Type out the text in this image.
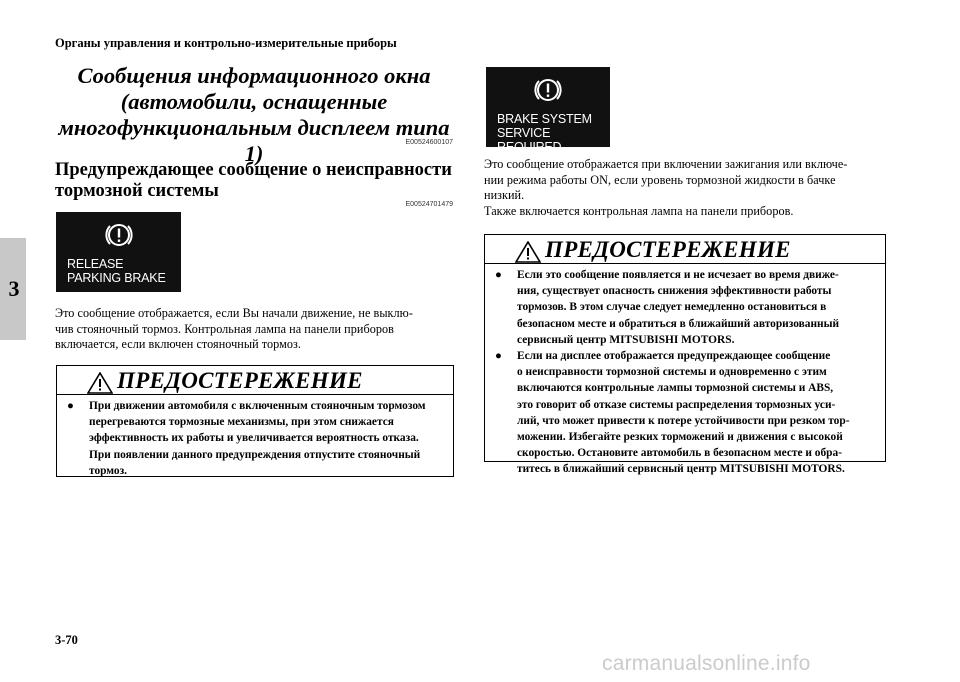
Органы управления и контрольно-измерительные приборы
3
Сообщения информационного окна
(автомобили, оснащенные
многофункциональным дисплеем типа 1)	E00524600107
Предупреждающее сообщение о неисправности
тормозной системы
E00524701479
RELEASE
PARKING BRAKE
Это сообщение отображается, если Вы начали движение, не выклю-
чив стояночный тормоз. Контрольная лампа на панели приборов
включается, если включен стояночный тормоз.
ПРЕДОСТЕРЕЖЕНИЕ
● При движении автомобиля с включенным стояночным тормозом
перегреваются тормозные механизмы, при этом снижается
эффективность их работы и увеличивается вероятность отказа.
При появлении данного предупреждения отпустите стояночный
тормоз.
BRAKE SYSTEM
SERVICE REQUIRED
Это сообщение отображается при включении зажигания или включе-
нии режима работы ON, если уровень тормозной жидкости в бачке
низкий.
Также включается контрольная лампа на панели приборов.
ПРЕДОСТЕРЕЖЕНИЕ
● Если это сообщение появляется и не исчезает во время движе-
ния, существует опасность снижения эффективности работы
тормозов. В этом случае следует немедленно остановиться в
безопасном месте и обратиться в ближайший авторизованный
сервисный центр MITSUBISHI MOTORS.
● Если на дисплее отображается предупреждающее сообщение
о неисправности тормозной системы и одновременно с этим
включаются контрольные лампы тормозной системы и ABS,
это говорит об отказе системы распределения тормозных уси-
лий, что может привести к потере устойчивости при резком тор-
можении. Избегайте резких торможений и движения с высокой
скоростью. Остановите автомобиль в безопасном месте и обра-
титесь в ближайший сервисный центр MITSUBISHI MOTORS.
3-70
carmanualsonline.info
